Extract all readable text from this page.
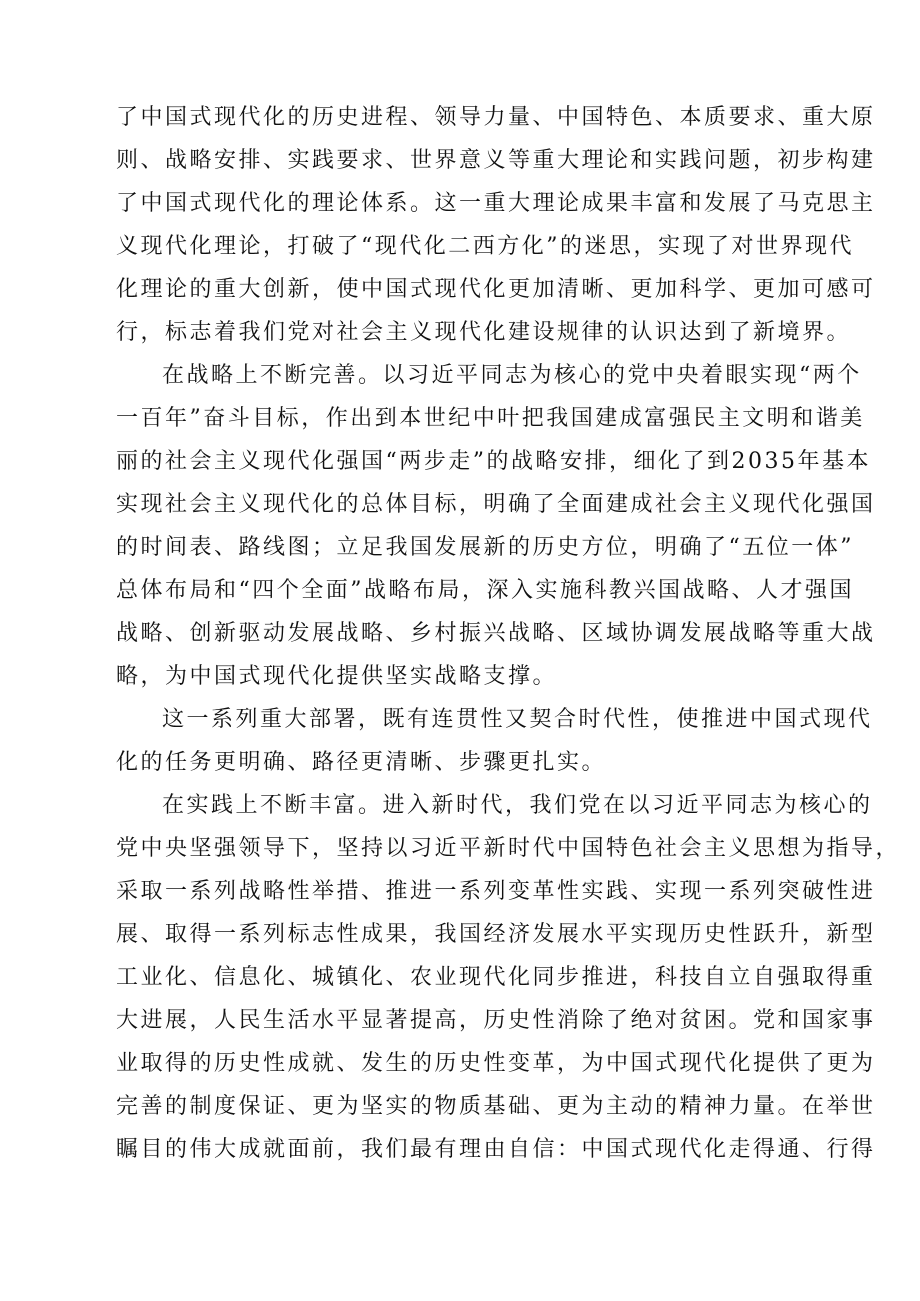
了中国式现代化的历史进程、领导力量、中国特色、本质要求、重大原
则、战略安排、实践要求、世界意义等重大理论和实践问题，初步构建
了中国式现代化的理论体系。这一重大理论成果丰富和发展了马克思主
义现代化理论，打破了“现代化二西方化”的迷思，实现了对世界现代
化理论的重大创新，使中国式现代化更加清晰、更加科学、更加可感可
行，标志着我们党对社会主义现代化建设规律的认识达到了新境界。
在战略上不断完善。以习近平同志为核心的党中央着眼实现“两个
一百年”奋斗目标，作出到本世纪中叶把我国建成富强民主文明和谐美
丽的社会主义现代化强国“两步走”的战略安排，细化了到2035年基本
实现社会主义现代化的总体目标，明确了全面建成社会主义现代化强国
的时间表、路线图；立足我国发展新的历史方位，明确了“五位一体”
总体布局和“四个全面”战略布局，深入实施科教兴国战略、人才强国
战略、创新驱动发展战略、乡村振兴战略、区域协调发展战略等重大战
略，为中国式现代化提供坚实战略支撑。
这一系列重大部署，既有连贯性又契合时代性，使推进中国式现代
化的任务更明确、路径更清晰、步骤更扎实。
在实践上不断丰富。进入新时代，我们党在以习近平同志为核心的
党中央坚强领导下，坚持以习近平新时代中国特色社会主义思想为指导，
采取一系列战略性举措、推进一系列变革性实践、实现一系列突破性进
展、取得一系列标志性成果，我国经济发展水平实现历史性跃升，新型
工业化、信息化、城镇化、农业现代化同步推进，科技自立自强取得重
大进展，人民生活水平显著提高，历史性消除了绝对贫困。党和国家事
业取得的历史性成就、发生的历史性变革，为中国式现代化提供了更为
完善的制度保证、更为坚实的物质基础、更为主动的精神力量。在举世
瞩目的伟大成就面前，我们最有理由自信：中国式现代化走得通、行得
